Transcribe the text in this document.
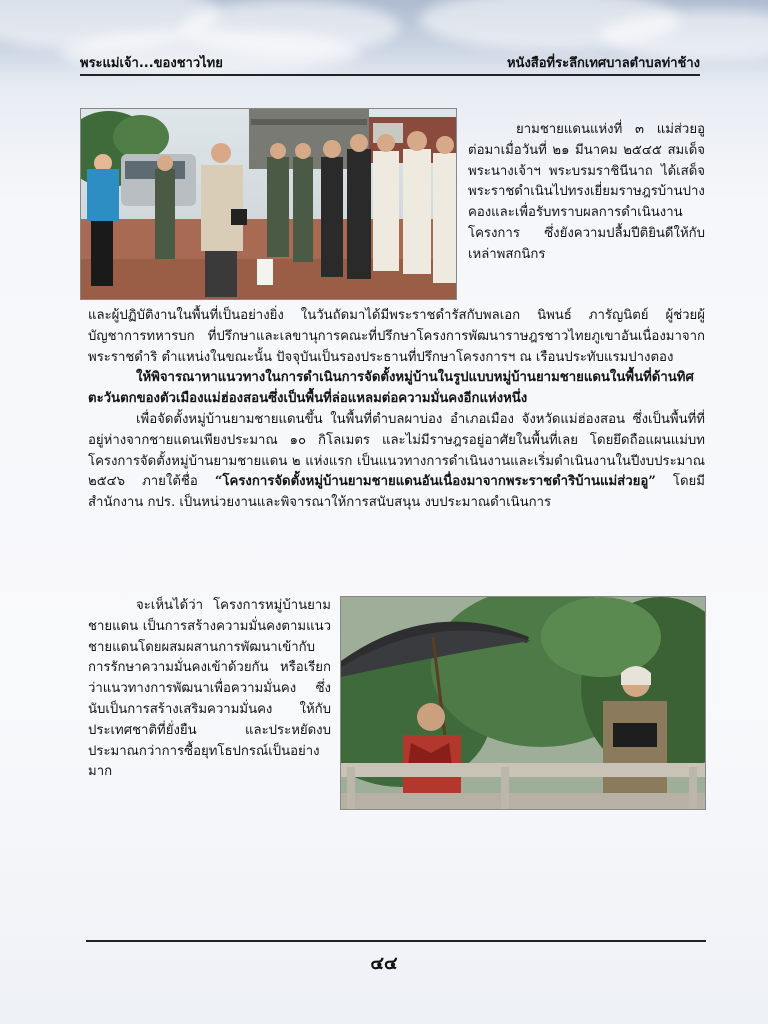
พระแม่เจ้า...ของชาวไทย	หนังสือที่ระลึกเทศบาลตำบลท่าช้าง

ยามชายแดนแห่งที่ ๓ แม่ส่วยอู ต่อมาเมื่อวันที่ ๒๑ มีนาคม ๒๕๔๕ สมเด็จพระนางเจ้าฯ พระบรมราชินีนาถ ได้เสด็จพระราชดำเนินไปทรงเยี่ยมราษฎรบ้านปางคองและเพื่อรับทราบผลการดำเนินงานโครงการ ซึ่งยังความปลื้มปีติยินดีให้กับเหล่าพสกนิกร

และผู้ปฏิบัติงานในพื้นที่เป็นอย่างยิ่ง ในวันถัดมาได้มีพระราชดำรัสกับพลเอก นิพนธ์ ภารัญนิตย์ ผู้ช่วยผู้บัญชาการทหารบก ที่ปรึกษาและเลขานุการคณะที่ปรึกษาโครงการพัฒนาราษฎรชาวไทยภูเขาอันเนื่องมาจากพระราชดำริ ตำแหน่งในขณะนั้น ปัจจุบันเป็นรองประธานที่ปรึกษาโครงการฯ ณ เรือนประทับแรมปางตอง

ให้พิจารณาหาแนวทางในการดำเนินการจัดตั้งหมู่บ้านในรูปแบบหมู่บ้านยามชายแดนในพื้นที่ด้านทิศตะวันตกของตัวเมืองแม่ฮ่องสอนซึ่งเป็นพื้นที่ล่อแหลมต่อความมั่นคงอีกแห่งหนึ่ง

เพื่อจัดตั้งหมู่บ้านยามชายแดนขึ้น ในพื้นที่ตำบลผาบ่อง อำเภอเมือง จังหวัดแม่ฮ่องสอน ซึ่งเป็นพื้นที่ที่อยู่ห่างจากชายแดนเพียงประมาณ ๑๐ กิโลเมตร และไม่มีราษฎรอยู่อาศัยในพื้นที่เลย โดยยึดถือแผนแม่บทโครงการจัดตั้งหมู่บ้านยามชายแดน ๒ แห่งแรก เป็นแนวทางการดำเนินงานและเริ่มดำเนินงานในปีงบประมาณ ๒๕๔๖ ภายใต้ชื่อ “โครงการจัดตั้งหมู่บ้านยามชายแดนอันเนื่องมาจากพระราชดำริบ้านแม่ส่วยอู” โดยมีสำนักงาน กปร. เป็นหน่วยงานและพิจารณาให้การสนับสนุน งบประมาณดำเนินการ

จะเห็นได้ว่า โครงการหมู่บ้านยามชายแดน เป็นการสร้างความมั่นคงตามแนวชายแดนโดยผสมผสานการพัฒนาเข้ากับการรักษาความมั่นคงเข้าด้วยกัน หรือเรียกว่าแนวทางการพัฒนาเพื่อความมั่นคง ซึ่งนับเป็นการสร้างเสริมความมั่นคง ให้กับประเทศชาติที่ยั่งยืน และประหยัดงบประมาณกว่าการซื้อยุทโธปกรณ์เป็นอย่างมาก

๔๔
